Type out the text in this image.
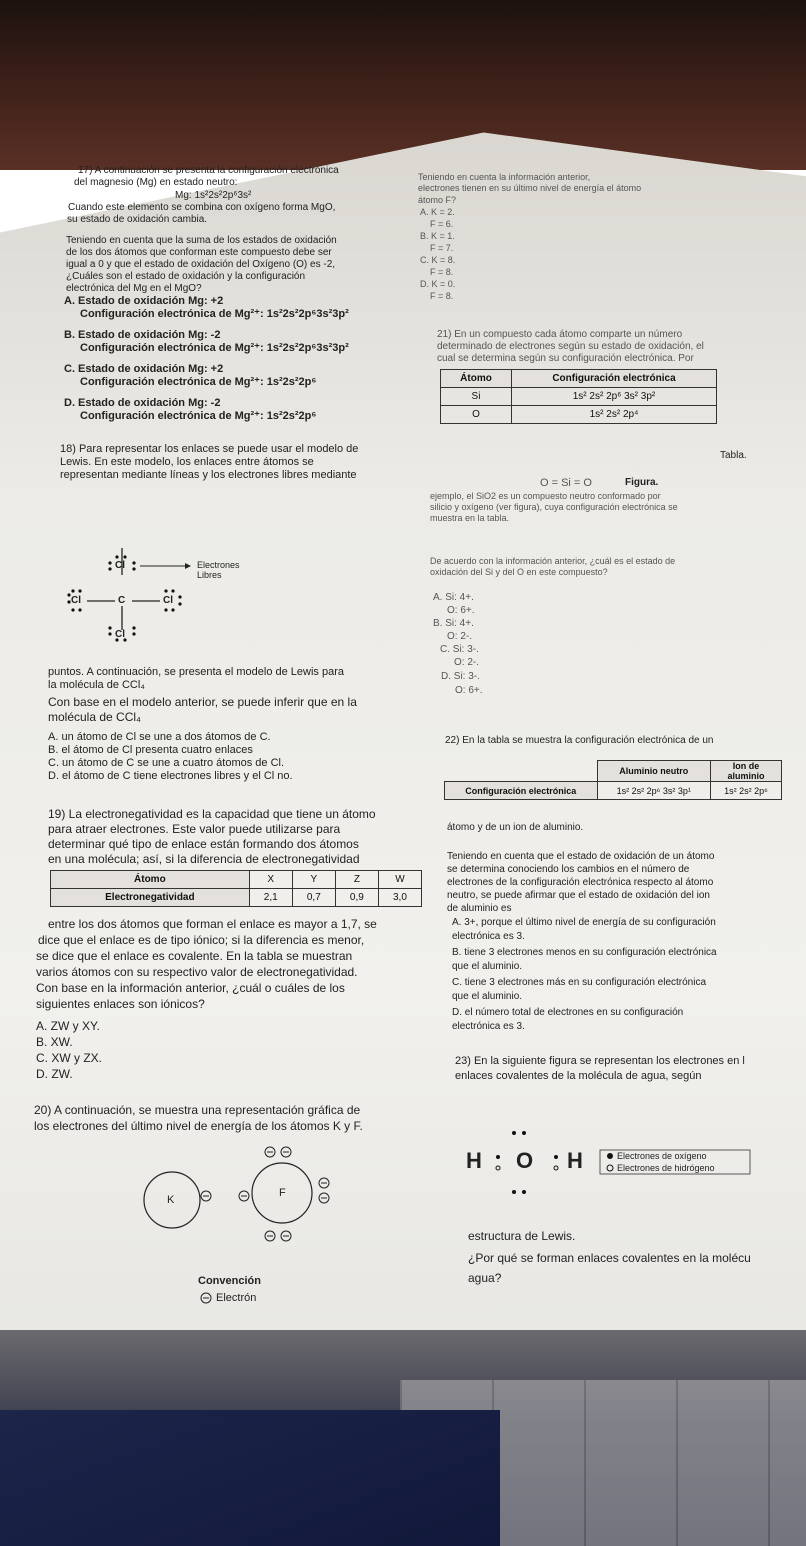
17) A continuación se presenta la configuración electrónica
del magnesio (Mg) en estado neutro:
Mg: 1s²2s²2p⁶3s²
Cuando este elemento se combina con oxígeno forma MgO,
su estado de oxidación cambia.
Teniendo en cuenta que la suma de los estados de oxidación
de los dos átomos que conforman este compuesto debe ser
igual a 0 y que el estado de oxidación del Oxígeno (O) es -2,
¿Cuáles son el estado de oxidación y la configuración
electrónica del Mg en el MgO?
A. Estado de oxidación Mg: +2
Configuración electrónica de Mg²⁺: 1s²2s²2p⁶3s²3p²
B. Estado de oxidación Mg: -2
Configuración electrónica de Mg²⁺: 1s²2s²2p⁶3s²3p²
C. Estado de oxidación Mg: +2
Configuración electrónica de Mg²⁺: 1s²2s²2p⁶
D. Estado de oxidación Mg: -2
Configuración electrónica de Mg²⁺: 1s²2s²2p⁶
18) Para representar los enlaces se puede usar el modelo de
Lewis. En este modelo, los enlaces entre átomos se
representan mediante líneas y los electrones libres mediante
Cl
C
Cl	Cl
Cl
Electrones
Libres
puntos. A continuación, se presenta el modelo de Lewis para
la molécula de CCl₄
Con base en el modelo anterior, se puede inferir que en la
molécula de CCl₄
A. un átomo de Cl se une a dos átomos de C.
B. el átomo de Cl presenta cuatro enlaces
C. un átomo de C se une a cuatro átomos de Cl.
D. el átomo de C tiene electrones libres y el Cl no.
19) La electronegatividad es la capacidad que tiene un átomo
para atraer electrones. Este valor puede utilizarse para
determinar qué tipo de enlace están formando dos átomos
en una molécula; así, si la diferencia de electronegatividad
Átomo	X	Y	Z	W
Electronegatividad	2,1	0,7	0,9	3,0
entre los dos átomos que forman el enlace es mayor a 1,7, se
dice que el enlace es de tipo iónico; si la diferencia es menor,
se dice que el enlace es covalente. En la tabla se muestran
varios átomos con su respectivo valor de electronegatividad.
Con base en la información anterior, ¿cuál o cuáles de los
siguientes enlaces son iónicos?
A. ZW y XY.
B. XW.
C. XW y ZX.
D. ZW.
20) A continuación, se muestra una representación gráfica de
los electrones del último nivel de energía de los átomos K y F.
K
F
Convención
Electrón
Teniendo en cuenta la información anterior,
electrones tienen en su último nivel de energía el átomo
átomo F?
A. K = 2.
F = 6.
B. K = 1.
F = 7.
C. K = 8.
F = 8.
D. K = 0.
F = 8.
21) En un compuesto cada átomo comparte un número
determinado de electrones según su estado de oxidación, el
cual se determina según su configuración electrónica. Por
Átomo	Configuración electrónica
Si	1s² 2s² 2p⁶ 3s² 3p²
O	1s² 2s² 2p⁴
Tabla.
O = Si = O	Figura.
ejemplo, el SiO2 es un compuesto neutro conformado por
silicio y oxígeno (ver figura), cuya configuración electrónica se
muestra en la tabla.
De acuerdo con la información anterior, ¿cuál es el estado de
oxidación del Si y del O en este compuesto?
A. Si: 4+.
O: 6+.
B. Si: 4+.
O: 2-.
C. Si: 3-.
O: 2-.
D. Si: 3-.
O: 6+.
22) En la tabla se muestra la configuración electrónica de un
	Aluminio neutro	Ion de
aluminio
Configuración electrónica	1s² 2s² 2p⁶ 3s² 3p¹	1s² 2s² 2p⁶
átomo y de un ion de aluminio.
Teniendo en cuenta que el estado de oxidación de un átomo
se determina conociendo los cambios en el número de
electrones de la configuración electrónica respecto al átomo
neutro, se puede afirmar que el estado de oxidación del ion
de aluminio es
A. 3+, porque el último nivel de energía de su configuración
electrónica es 3.
B. tiene 3 electrones menos en su configuración electrónica
que el aluminio.
C. tiene 3 electrones más en su configuración electrónica
que el aluminio.
D. el número total de electrones en su configuración
electrónica es 3.
23) En la siguiente figura se representan los electrones en l
enlaces covalentes de la molécula de agua, según
H O H	Electrones de oxígeno
Electrones de hidrógeno
estructura de Lewis.
¿Por qué se forman enlaces covalentes en la molécu
agua?
